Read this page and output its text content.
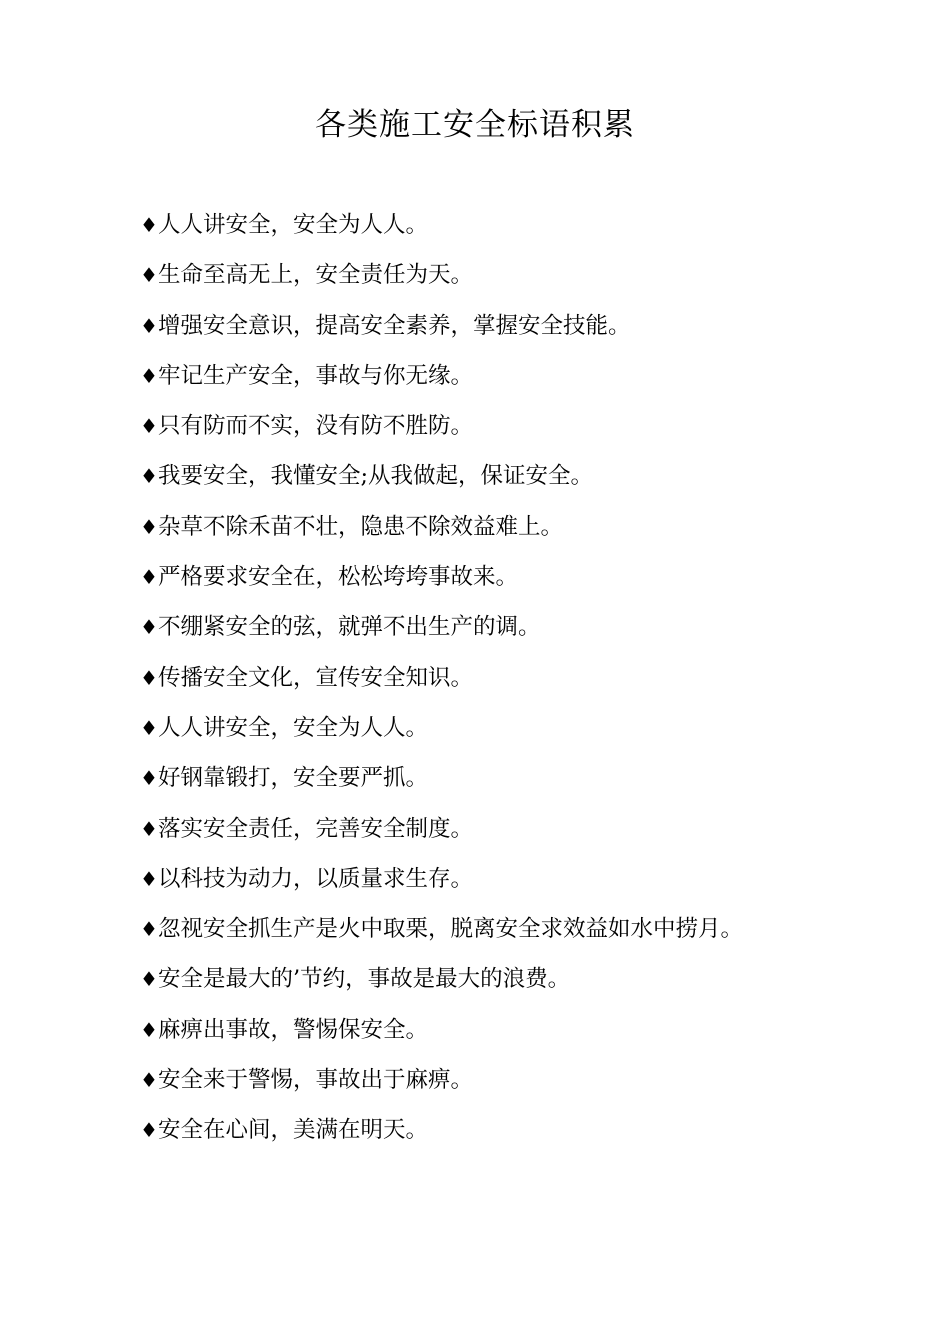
各类施工安全标语积累
♦人人讲安全，安全为人人。
♦生命至高无上，安全责任为天。
♦增强安全意识，提高安全素养，掌握安全技能。
♦牢记生产安全，事故与你无缘。
♦只有防而不实，没有防不胜防。
♦我要安全，我懂安全;从我做起，保证安全。
♦杂草不除禾苗不壮，隐患不除效益难上。
♦严格要求安全在，松松垮垮事故来。
♦不绷紧安全的弦，就弹不出生产的调。
♦传播安全文化，宣传安全知识。
♦人人讲安全，安全为人人。
♦好钢靠锻打，安全要严抓。
♦落实安全责任，完善安全制度。
♦以科技为动力，以质量求生存。
♦忽视安全抓生产是火中取栗，脱离安全求效益如水中捞月。
♦安全是最大的’节约，事故是最大的浪费。
♦麻痹出事故，警惕保安全。
♦安全来于警惕，事故出于麻痹。
♦安全在心间，美满在明天。
